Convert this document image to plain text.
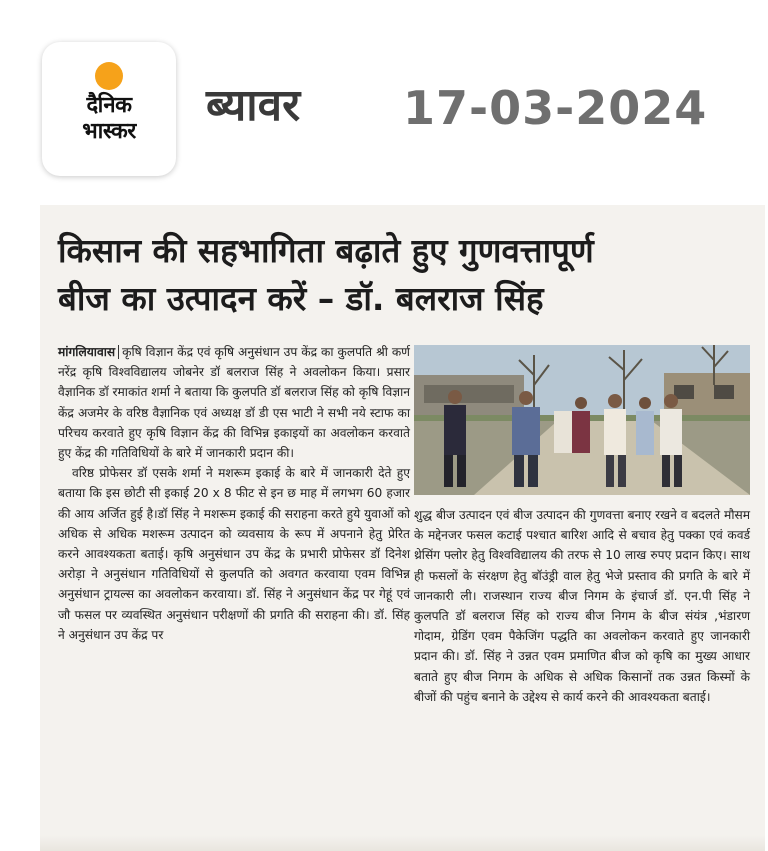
दैनिक
भास्कर
ब्यावर 17-03-2024
किसान की सहभागिता बढ़ाते हुए गुणवत्तापूर्ण
बीज का उत्पादन करें – डॉ. बलराज सिंह

मांगलियावास कृषि विज्ञान केंद्र एवं कृषि अनुसंधान उप केंद्र का कुलपति श्री कर्ण नरेंद्र कृषि विश्वविद्यालय जोबनेर डॉ बलराज सिंह ने अवलोकन किया। प्रसार वैज्ञानिक डॉ रमाकांत शर्मा ने बताया कि कुलपति डॉ बलराज सिंह को कृषि विज्ञान केंद्र अजमेर के वरिष्ठ वैज्ञानिक एवं अध्यक्ष डॉ डी एस भाटी ने सभी नये स्टाफ का परिचय करवाते हुए कृषि विज्ञान केंद्र की विभिन्न इकाइयों का अवलोकन करवाते हुए केंद्र की गतिविधियों के बारे में जानकारी प्रदान की।

वरिष्ठ प्रोफेसर डॉ एसके शर्मा ने मशरूम इकाई के बारे में जानकारी देते हुए बताया कि इस छोटी सी इकाई 20 x 8 फीट से इन छ माह में लगभग 60 हजार की आय अर्जित हुई है।डॉ सिंह ने मशरूम इकाई की सराहना करते हुये युवाओं को अधिक से अधिक मशरूम उत्पादन को व्यवसाय के रूप में अपनाने हेतु प्रेरित करने आवश्यकता बताई। कृषि अनुसंधान उप केंद्र के प्रभारी प्रोफेसर डॉ दिनेश अरोड़ा ने अनुसंधान गतिविधियों से कुलपति को अवगत करवाया एवम विभिन्न अनुसंधान ट्रायल्स का अवलोकन करवाया। डॉ. सिंह ने अनुसंधान केंद्र पर गेहूं एवं जौ फसल पर व्यवस्थित अनुसंधान परीक्षणों की प्रगति की सराहना की। डॉ. सिंह ने अनुसंधान उप केंद्र पर

शुद्ध बीज उत्पादन एवं बीज उत्पादन की गुणवत्ता बनाए रखने व बदलते मौसम के मद्देनजर फसल कटाई पश्चात बारिश आदि से बचाव हेतु पक्का एवं कवर्ड थ्रेसिंग फ्लोर हेतु विश्वविद्यालय की तरफ से 10 लाख रुपए प्रदान किए। साथ ही फसलों के संरक्षण हेतु बॉउंड्री वाल हेतु भेजे प्रस्ताव की प्रगति के बारे में जानकारी ली। राजस्थान राज्य बीज निगम के इंचार्ज डॉ. एन.पी सिंह ने कुलपति डॉ बलराज सिंह को राज्य बीज निगम के बीज संयंत्र ,भंडारण गोदाम, ग्रेडिंग एवम पैकेजिंग पद्धति का अवलोकन करवाते हुए जानकारी प्रदान की। डॉ. सिंह ने उन्नत एवम प्रमाणित बीज को कृषि का मुख्य आधार बताते हुए बीज निगम के अधिक से अधिक किसानों तक उन्नत किस्मों के बीजों की पहुंच बनाने के उद्देश्य से कार्य करने की आवश्यकता बताई।
